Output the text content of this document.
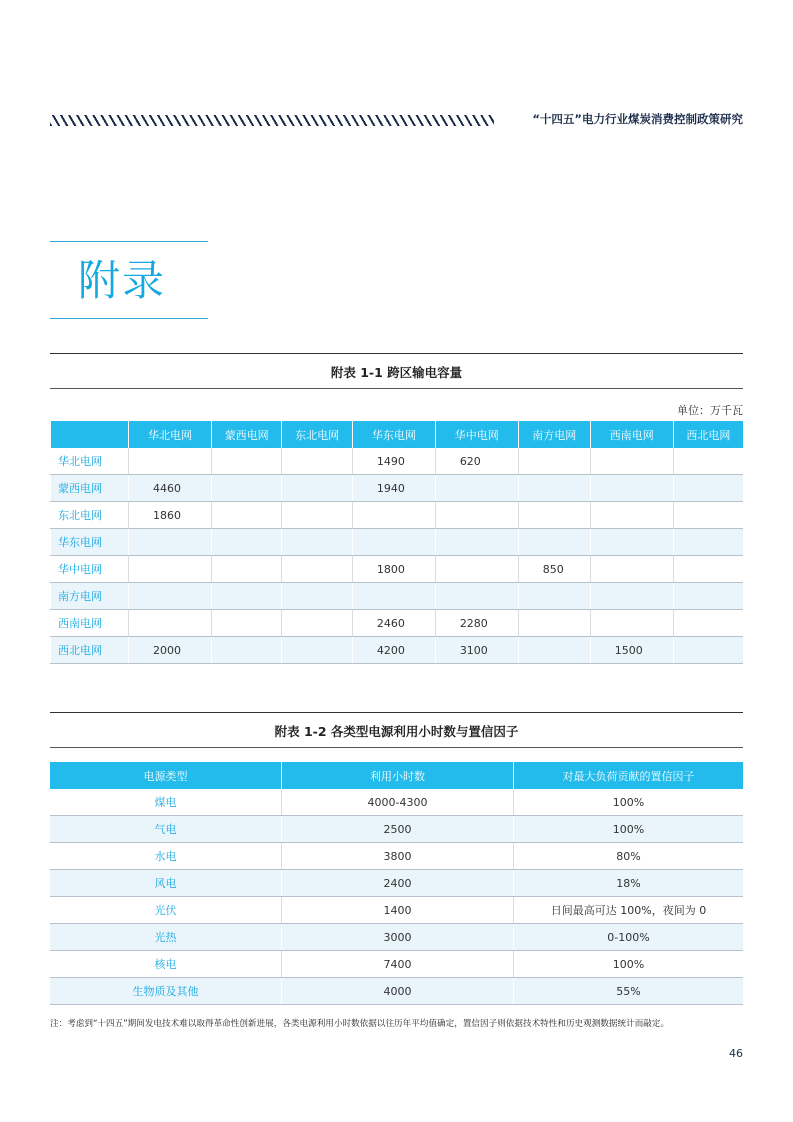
“十四五”电力行业煤炭消费控制政策研究
附录
附表 1-1 跨区输电容量
单位：万千瓦
	华北电网	蒙西电网	东北电网	华东电网	华中电网	南方电网	西南电网	西北电网
华北电网				1490	620			
蒙西电网	4460			1940				
东北电网	1860							
华东电网								
华中电网				1800		850		
南方电网								
西南电网				2460	2280			
西北电网	2000			4200	3100		1500	
附表 1-2 各类型电源利用小时数与置信因子
电源类型	利用小时数	对最大负荷贡献的置信因子
煤电	4000-4300	100%
气电	2500	100%
水电	3800	80%
风电	2400	18%
光伏	1400	日间最高可达 100%，夜间为 0
光热	3000	0-100%
核电	7400	100%
生物质及其他	4000	55%
注：考虑到“十四五”期间发电技术难以取得革命性创新进展，各类电源利用小时数依据以往历年平均值确定，置信因子则依据技术特性和历史观测数据统计而敲定。
46
